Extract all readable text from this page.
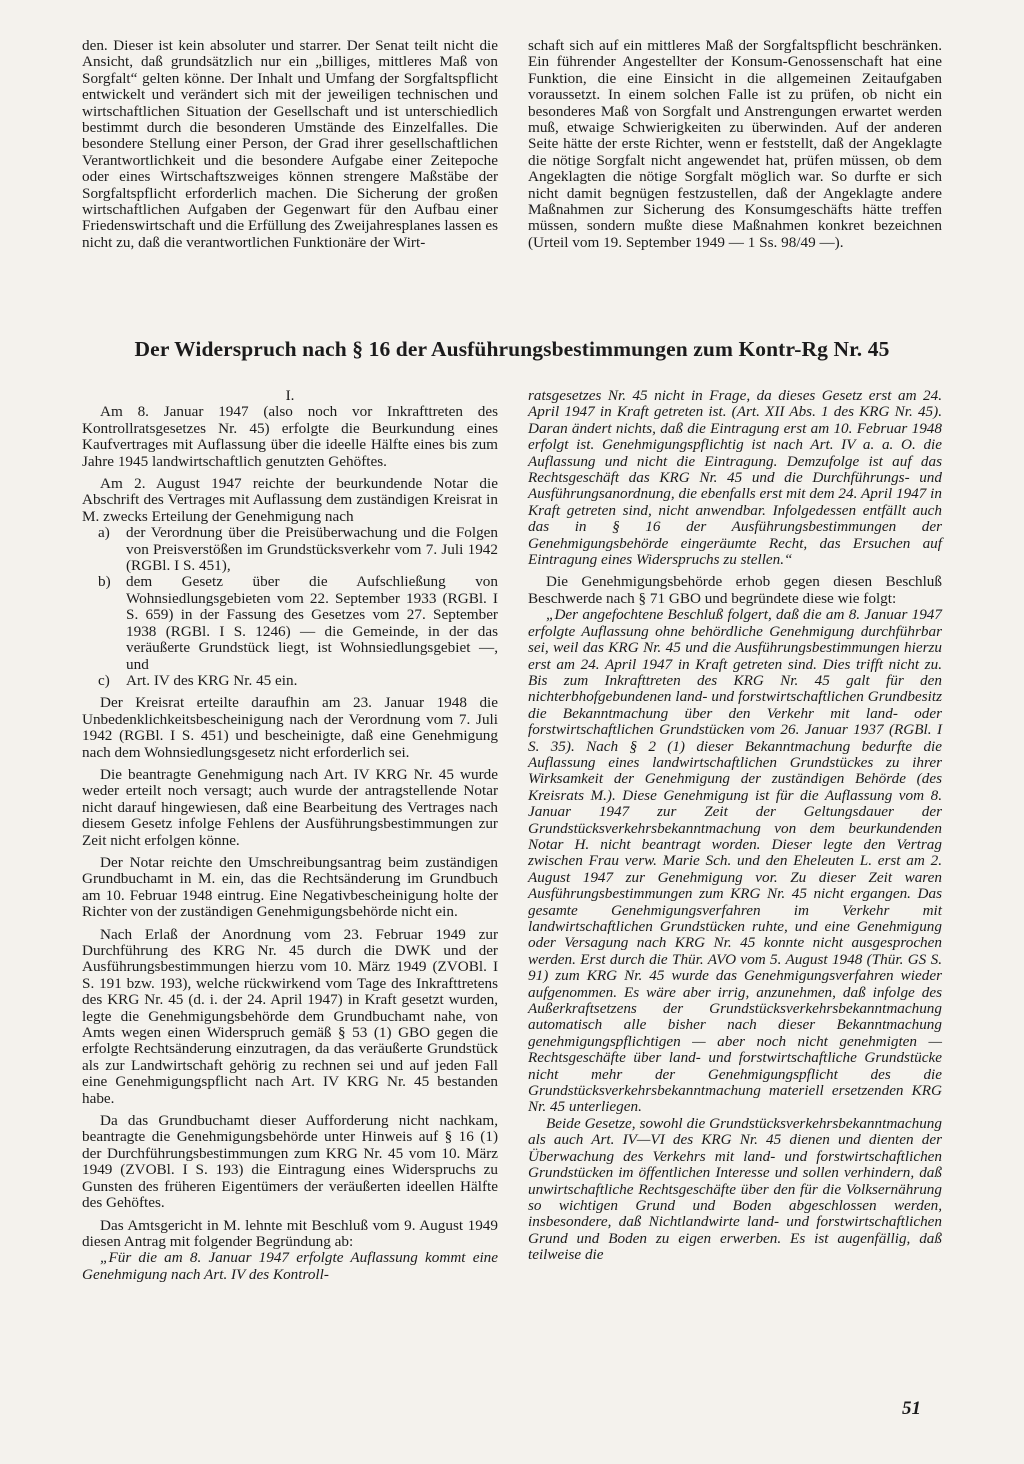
den. Dieser ist kein absoluter und starrer. Der Senat teilt nicht die Ansicht, daß grundsätzlich nur ein „billiges, mittleres Maß von Sorgfalt“ gelten könne. Der Inhalt und Umfang der Sorgfaltspflicht entwickelt und verändert sich mit der jeweiligen technischen und wirtschaftlichen Situation der Gesellschaft und ist unterschiedlich bestimmt durch die besonderen Umstände des Einzelfalles. Die besondere Stellung einer Person, der Grad ihrer gesellschaftlichen Verantwortlichkeit und die besondere Aufgabe einer Zeitepoche oder eines Wirtschaftszweiges können strengere Maßstäbe der Sorgfaltspflicht erforderlich machen. Die Sicherung der großen wirtschaftlichen Aufgaben der Gegenwart für den Aufbau einer Friedenswirtschaft und die Erfüllung des Zweijahresplanes lassen es nicht zu, daß die verantwortlichen Funktionäre der Wirt-

schaft sich auf ein mittleres Maß der Sorgfaltspflicht beschränken. Ein führender Angestellter der Konsum-Genossenschaft hat eine Funktion, die eine Einsicht in die allgemeinen Zeitaufgaben voraussetzt. In einem solchen Falle ist zu prüfen, ob nicht ein besonderes Maß von Sorgfalt und Anstrengungen erwartet werden muß, etwaige Schwierigkeiten zu überwinden. Auf der anderen Seite hätte der erste Richter, wenn er feststellt, daß der Angeklagte die nötige Sorgfalt nicht angewendet hat, prüfen müssen, ob dem Angeklagten die nötige Sorgfalt möglich war. So durfte er sich nicht damit begnügen festzustellen, daß der Angeklagte andere Maßnahmen zur Sicherung des Konsumgeschäfts hätte treffen müssen, sondern mußte diese Maßnahmen konkret bezeichnen (Urteil vom 19. September 1949 — 1 Ss. 98/49 —).

Der Widerspruch nach § 16 der Ausführungsbestimmungen zum Kontr-Rg Nr. 45

I.

Am 8. Januar 1947 (also noch vor Inkrafttreten des Kontrollratsgesetzes Nr. 45) erfolgte die Beurkundung eines Kaufvertrages mit Auflassung über die ideelle Hälfte eines bis zum Jahre 1945 landwirtschaftlich genutzten Gehöftes.

Am 2. August 1947 reichte der beurkundende Notar die Abschrift des Vertrages mit Auflassung dem zuständigen Kreisrat in M. zwecks Erteilung der Genehmigung nach

a)	der Verordnung über die Preisüberwachung und die Folgen von Preisverstößen im Grundstücksverkehr vom 7. Juli 1942 (RGBl. I S. 451),
b)	dem Gesetz über die Aufschließung von Wohnsiedlungsgebieten vom 22. September 1933 (RGBl. I S. 659) in der Fassung des Gesetzes vom 27. September 1938 (RGBl. I S. 1246) — die Gemeinde, in der das veräußerte Grundstück liegt, ist Wohnsiedlungsgebiet —, und
c)	Art. IV des KRG Nr. 45 ein.

Der Kreisrat erteilte daraufhin am 23. Januar 1948 die Unbedenklichkeitsbescheinigung nach der Verordnung vom 7. Juli 1942 (RGBl. I S. 451) und bescheinigte, daß eine Genehmigung nach dem Wohnsiedlungsgesetz nicht erforderlich sei.

Die beantragte Genehmigung nach Art. IV KRG Nr. 45 wurde weder erteilt noch versagt; auch wurde der antragstellende Notar nicht darauf hingewiesen, daß eine Bearbeitung des Vertrages nach diesem Gesetz infolge Fehlens der Ausführungsbestimmungen zur Zeit nicht erfolgen könne.

Der Notar reichte den Umschreibungsantrag beim zuständigen Grundbuchamt in M. ein, das die Rechtsänderung im Grundbuch am 10. Februar 1948 eintrug. Eine Negativbescheinigung holte der Richter von der zuständigen Genehmigungsbehörde nicht ein.

Nach Erlaß der Anordnung vom 23. Februar 1949 zur Durchführung des KRG Nr. 45 durch die DWK und der Ausführungsbestimmungen hierzu vom 10. März 1949 (ZVOBl. I S. 191 bzw. 193), welche rückwirkend vom Tage des Inkrafttretens des KRG Nr. 45 (d. i. der 24. April 1947) in Kraft gesetzt wurden, legte die Genehmigungsbehörde dem Grundbuchamt nahe, von Amts wegen einen Widerspruch gemäß § 53 (1) GBO gegen die erfolgte Rechtsänderung einzutragen, da das veräußerte Grundstück als zur Landwirtschaft gehörig zu rechnen sei und auf jeden Fall eine Genehmigungspflicht nach Art. IV KRG Nr. 45 bestanden habe.

Da das Grundbuchamt dieser Aufforderung nicht nachkam, beantragte die Genehmigungsbehörde unter Hinweis auf § 16 (1) der Durchführungsbestimmungen zum KRG Nr. 45 vom 10. März 1949 (ZVOBl. I S. 193) die Eintragung eines Widerspruchs zu Gunsten des früheren Eigentümers der veräußerten ideellen Hälfte des Gehöftes.

Das Amtsgericht in M. lehnte mit Beschluß vom 9. August 1949 diesen Antrag mit folgender Begründung ab:

„Für die am 8. Januar 1947 erfolgte Auflassung kommt eine Genehmigung nach Art. IV des Kontroll-

ratsgesetzes Nr. 45 nicht in Frage, da dieses Gesetz erst am 24. April 1947 in Kraft getreten ist. (Art. XII Abs. 1 des KRG Nr. 45). Daran ändert nichts, daß die Eintragung erst am 10. Februar 1948 erfolgt ist. Genehmigungspflichtig ist nach Art. IV a. a. O. die Auflassung und nicht die Eintragung. Demzufolge ist auf das Rechtsgeschäft das KRG Nr. 45 und die Durchführungs- und Ausführungsanordnung, die ebenfalls erst mit dem 24. April 1947 in Kraft getreten sind, nicht anwendbar. Infolgedessen entfällt auch das in § 16 der Ausführungsbestimmungen der Genehmigungsbehörde eingeräumte Recht, das Ersuchen auf Eintragung eines Widerspruchs zu stellen.“

Die Genehmigungsbehörde erhob gegen diesen Beschluß Beschwerde nach § 71 GBO und begründete diese wie folgt:

„Der angefochtene Beschluß folgert, daß die am 8. Januar 1947 erfolgte Auflassung ohne behördliche Genehmigung durchführbar sei, weil das KRG Nr. 45 und die Ausführungsbestimmungen hierzu erst am 24. April 1947 in Kraft getreten sind. Dies trifft nicht zu. Bis zum Inkrafttreten des KRG Nr. 45 galt für den nichterbhofgebundenen land- und forstwirtschaftlichen Grundbesitz die Bekanntmachung über den Verkehr mit land- oder forstwirtschaftlichen Grundstücken vom 26. Januar 1937 (RGBl. I S. 35). Nach § 2 (1) dieser Bekanntmachung bedurfte die Auflassung eines landwirtschaftlichen Grundstückes zu ihrer Wirksamkeit der Genehmigung der zuständigen Behörde (des Kreisrats M.). Diese Genehmigung ist für die Auflassung vom 8. Januar 1947 zur Zeit der Geltungsdauer der Grundstücksverkehrsbekanntmachung von dem beurkundenden Notar H. nicht beantragt worden. Dieser legte den Vertrag zwischen Frau verw. Marie Sch. und den Eheleuten L. erst am 2. August 1947 zur Genehmigung vor. Zu dieser Zeit waren Ausführungsbestimmungen zum KRG Nr. 45 nicht ergangen. Das gesamte Genehmigungsverfahren im Verkehr mit landwirtschaftlichen Grundstücken ruhte, und eine Genehmigung oder Versagung nach KRG Nr. 45 konnte nicht ausgesprochen werden. Erst durch die Thür. AVO vom 5. August 1948 (Thür. GS S. 91) zum KRG Nr. 45 wurde das Genehmigungsverfahren wieder aufgenommen. Es wäre aber irrig, anzunehmen, daß infolge des Außerkraftsetzens der Grundstücksverkehrsbekanntmachung automatisch alle bisher nach dieser Bekanntmachung genehmigungspflichtigen — aber noch nicht genehmigten — Rechtsgeschäfte über land- und forstwirtschaftliche Grundstücke nicht mehr der Genehmigungspflicht des die Grundstücksverkehrsbekanntmachung materiell ersetzenden KRG Nr. 45 unterliegen.

Beide Gesetze, sowohl die Grundstücksverkehrsbekanntmachung als auch Art. IV—VI des KRG Nr. 45 dienen und dienten der Überwachung des Verkehrs mit land- und forstwirtschaftlichen Grundstücken im öffentlichen Interesse und sollen verhindern, daß unwirtschaftliche Rechtsgeschäfte über den für die Volksernährung so wichtigen Grund und Boden abgeschlossen werden, insbesondere, daß Nichtlandwirte land- und forstwirtschaftlichen Grund und Boden zu eigen erwerben. Es ist augenfällig, daß teilweise die

51
